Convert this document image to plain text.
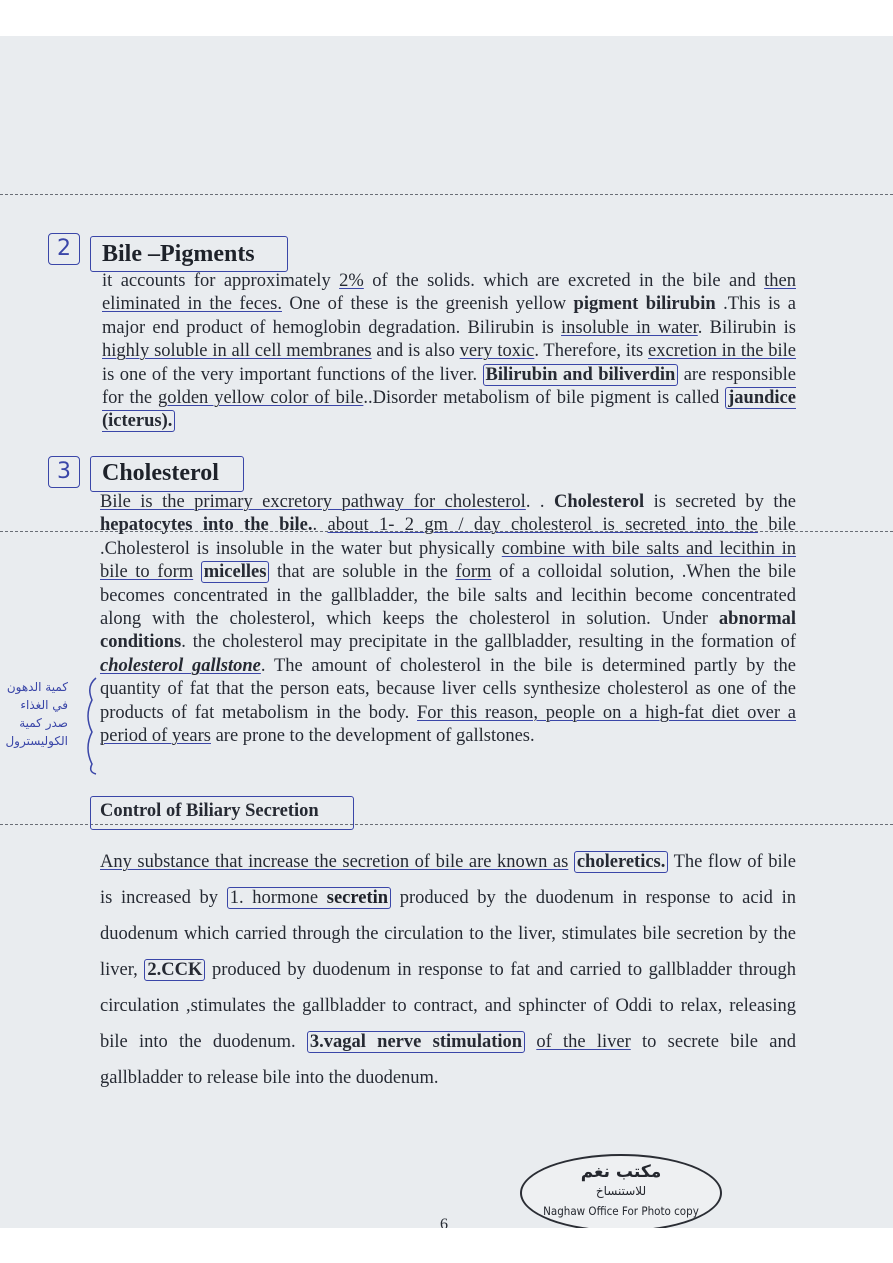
2	Bile –Pigments

it accounts for approximately 2% of the solids. which are excreted in the bile and then eliminated in the feces. One of these is the greenish yellow pigment bilirubin .This is a major end product of hemoglobin degradation. Bilirubin is insoluble in water. Bilirubin is highly soluble in all cell membranes and is also very toxic. Therefore, its excretion in the bile is one of the very important functions of the liver. Bilirubin and biliverdin are responsible for the golden yellow color of bile..Disorder metabolism of bile pigment is called jaundice (icterus).

3	Cholesterol

Bile is the primary excretory pathway for cholesterol. . Cholesterol is secreted by the hepatocytes into the bile.. about 1- 2 gm / day cholesterol is secreted into the bile .Cholesterol is insoluble in the water but physically combine with bile salts and lecithin in bile to form micelles that are soluble in the form of a colloidal solution, .When the bile becomes concentrated in the gallbladder, the bile salts and lecithin become concentrated along with the cholesterol, which keeps the cholesterol in solution. Under abnormal conditions. the cholesterol may precipitate in the gallbladder, resulting in the formation of cholesterol gallstone. The amount of cholesterol in the bile is determined partly by the quantity of fat that the person eats, because liver cells synthesize cholesterol as one of the products of fat metabolism in the body. For this reason, people on a high-fat diet over a period of years are prone to the development of gallstones.

كمية الدهون في الغذاء صدر كمية الكوليسترول
Control of Biliary Secretion

Any substance that increase the secretion of bile are known as choleretics. The flow of bile is increased by 1. hormone secretin produced by the duodenum in response to acid in duodenum which carried through the circulation to the liver, stimulates bile secretion by the liver, 2.CCK produced by duodenum in response to fat and carried to gallbladder through circulation ,stimulates the gallbladder to contract, and sphincter of Oddi to relax, releasing bile into the duodenum. 3.vagal nerve stimulation of the liver to secrete bile and gallbladder to release bile into the duodenum.

مكتب نغم
للاستنساخ
Naghaw Office For Photo copy
6
